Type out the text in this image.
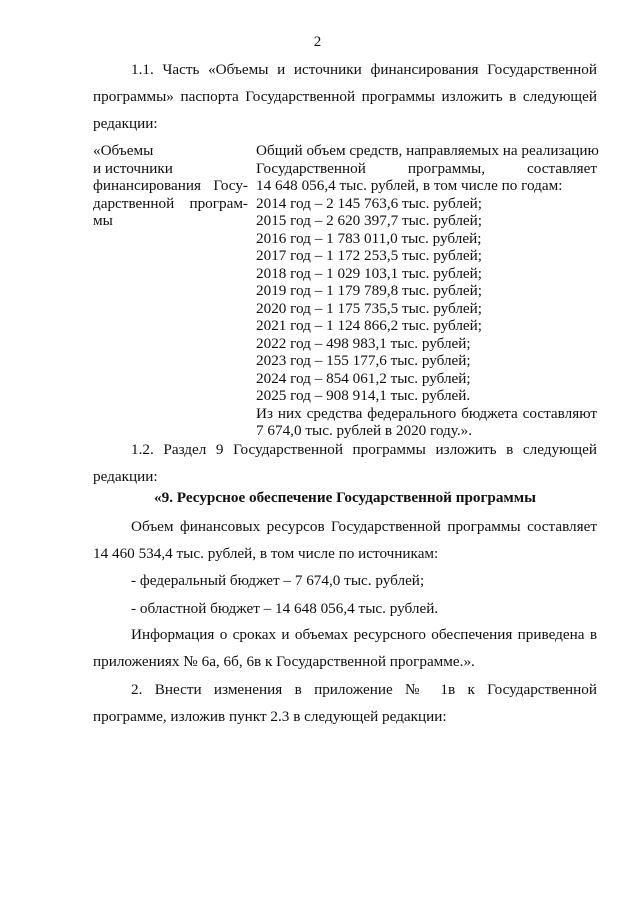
2
1.1. Часть «Объемы и источники финансирования Государственной программы» паспорта Государственной программы изложить в следующей редакции:
«Объемы
и источники
финансирования Госу-
дарственной програм-
мы
Общий объем средств, направляемых на реализацию
Государственной программы, составляет
14 648 056,4 тыс. рублей, в том числе по годам:
2014 год – 2 145 763,6 тыс. рублей;
2015 год – 2 620 397,7 тыс. рублей;
2016 год – 1 783 011,0 тыс. рублей;
2017 год – 1 172 253,5 тыс. рублей;
2018 год – 1 029 103,1 тыс. рублей;
2019 год – 1 179 789,8 тыс. рублей;
2020 год – 1 175 735,5 тыс. рублей;
2021 год – 1 124 866,2 тыс. рублей;
2022 год – 498 983,1 тыс. рублей;
2023 год – 155 177,6 тыс. рублей;
2024 год – 854 061,2 тыс. рублей;
2025 год – 908 914,1 тыс. рублей.
Из них средства федерального бюджета составляют
7 674,0 тыс. рублей в 2020 году.».
1.2. Раздел 9 Государственной программы изложить в следующей редакции:
«9. Ресурсное обеспечение Государственной программы
Объем финансовых ресурсов Государственной программы составляет 14 460 534,4 тыс. рублей, в том числе по источникам:
- федеральный бюджет – 7 674,0 тыс. рублей;
- областной бюджет – 14 648 056,4 тыс. рублей.
Информация о сроках и объемах ресурсного обеспечения приведена в приложениях № 6а, 6б, 6в к Государственной программе.».
2. Внести изменения в приложение № 1в к Государственной программе, изложив пункт 2.3 в следующей редакции:
